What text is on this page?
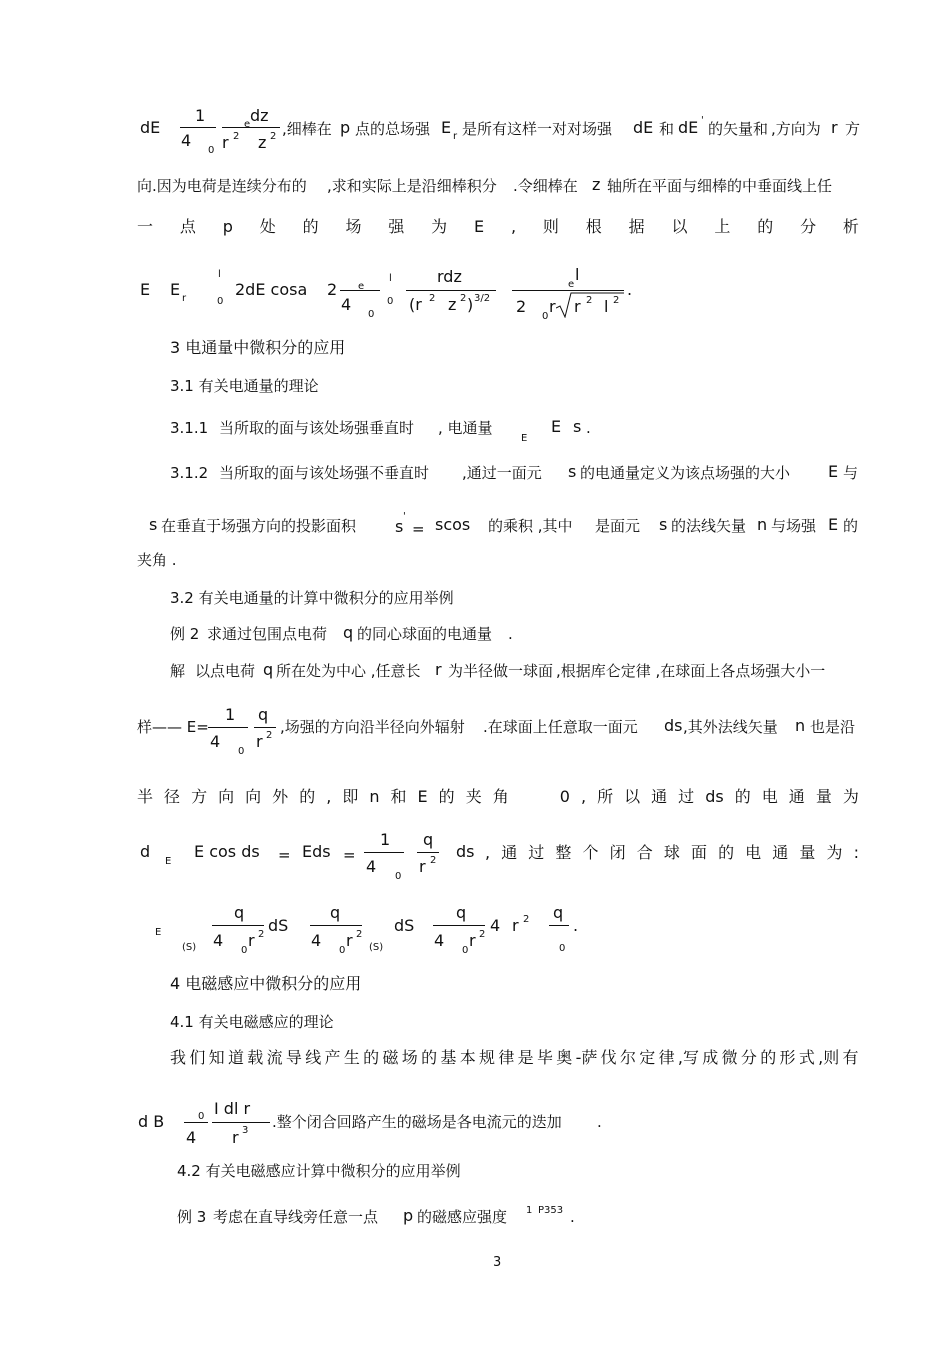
dE
1
4
0
e dz
r 2 z 2 ,细棒在 p 点的总场强 E r 是所有这样一对对场强 dE 和 dE ' 的矢量和 ,方向为 r 方
向.因为电荷是连续分布的 ,求和实际上是沿细棒积分 .令细棒在 z 轴所在平面与细棒的中垂面线上任
一 点 p 处 的 场 强 为 E , 则 根 据 以 上 的 分 析
E E r
l
0
2dE cosa 2 e
4
0
l
0
rdz
(r 2 z 2 ) 3/2
e
l
2
0
r r 2 l 2
.
3 电通量中微积分的应用
3.1 有关电通量的理论
3.1.1 当所取的面与该处场强垂直时 , 电通量
E
E s .
3.1.2 当所取的面与该处场强不垂直时 ,通过一面元 s 的电通量定义为该点场强的大小 E 与
s 在垂直于场强方向的投影面积 s
'
= scos 的乘积 ,其中 是面元 s 的法线矢量 n 与场强 E 的
夹角 .
3.2 有关电通量的计算中微积分的应用举例
例 2 求通过包围点电荷 q 的同心球面的电通量 .
解 以点电荷 q 所在处为中心 ,任意长 r 为半径做一球面 ,根据库仑定律 ,在球面上各点场强大小一
样—— E=
1
4
0
q
r 2 ,场强的方向沿半径向外辐射 .在球面上任意取一面元 ds ,其外法线矢量 n 也是沿
半 径 方 向 向 外 的 , 即 n 和 E 的 夹 角	0 , 所 以 通 过 ds 的 电 通 量 为
d
E
E cos ds = Eds =
1
4
0
q
r 2 ds , 通 过 整 个 闭 合 球 面 的 电 通 量 为 :
E
(S)
q
4
0
r 2 dS
q
4
0
r 2
(S)
dS
q
4
0
r 2 4 r 2 q
0
.
4 电磁感应中微积分的应用
4.1 有关电磁感应的理论
我 们 知 道 载 流 导 线 产 生 的 磁 场 的 基 本 规 律 是 毕 奥 -萨 伐 尔 定 律 ,写 成 微 分 的 形 式 ,则 有
d B	0
4
I dl r
r 3 .整个闭合回路产生的磁场是各电流元的迭加 .
4.2 有关电磁感应计算中微积分的应用举例
例 3 考虑在直导线旁任意一点 p 的磁感应强度 1 P353 .
3
